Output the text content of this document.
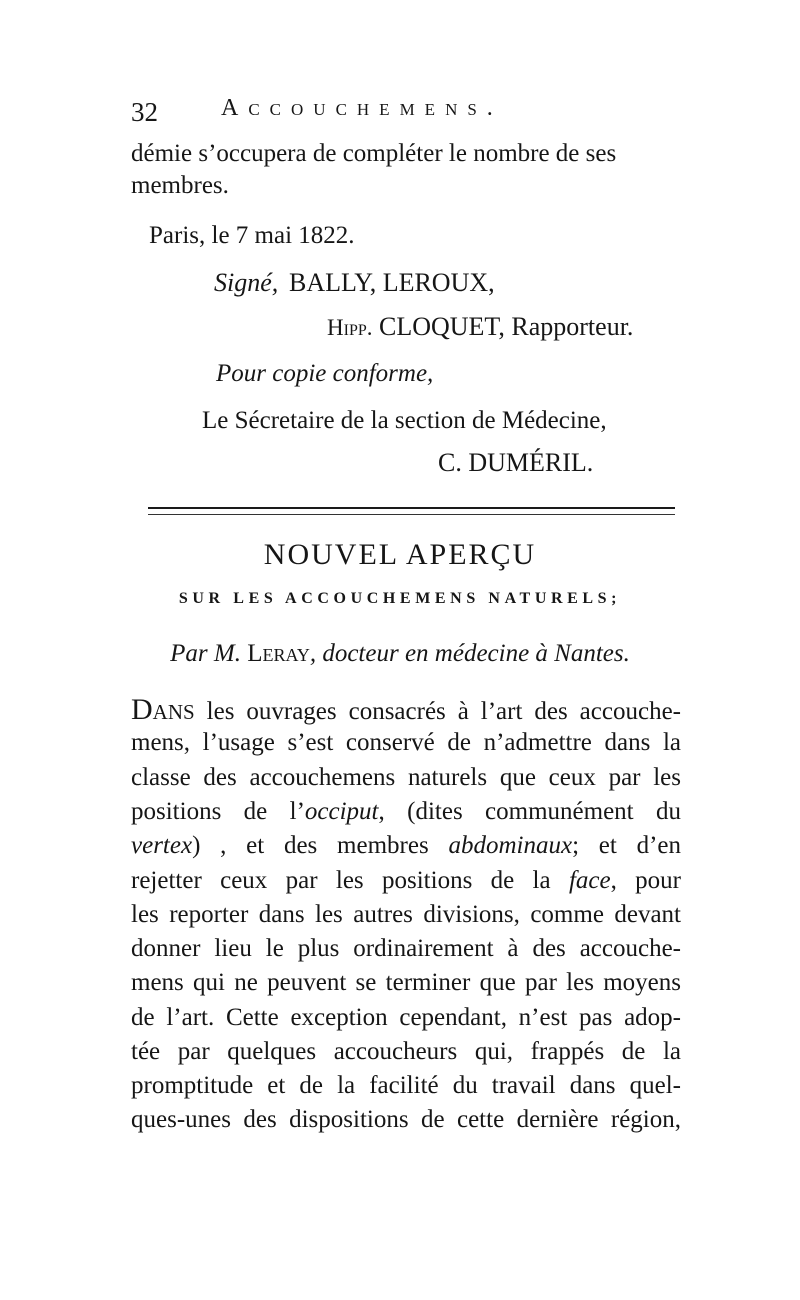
32	Accouchemens.
démie s’occupera de compléter le nombre de ses
membres.
Paris, le 7 mai 1822.
Signé, BALLY, LEROUX,
Hipp. CLOQUET, Rapporteur.
Pour copie conforme,
Le Sécretaire de la section de Médecine,
C. DUMÉRIL.
NOUVEL APERÇU
SUR LES ACCOUCHEMENS NATURELS;
Par M. Leray, docteur en médecine à Nantes.
Dans les ouvrages consacrés à l’art des accouche-
mens, l’usage s’est conservé de n’admettre dans la
classe des accouchemens naturels que ceux par les
positions de l’occiput, (dites communément du
vertex) , et des membres abdominaux; et d’en
rejetter ceux par les positions de la face, pour
les reporter dans les autres divisions, comme devant
donner lieu le plus ordinairement à des accouche-
mens qui ne peuvent se terminer que par les moyens
de l’art. Cette exception cependant, n’est pas adop-
tée par quelques accoucheurs qui, frappés de la
promptitude et de la facilité du travail dans quel-
ques-unes des dispositions de cette dernière région,
